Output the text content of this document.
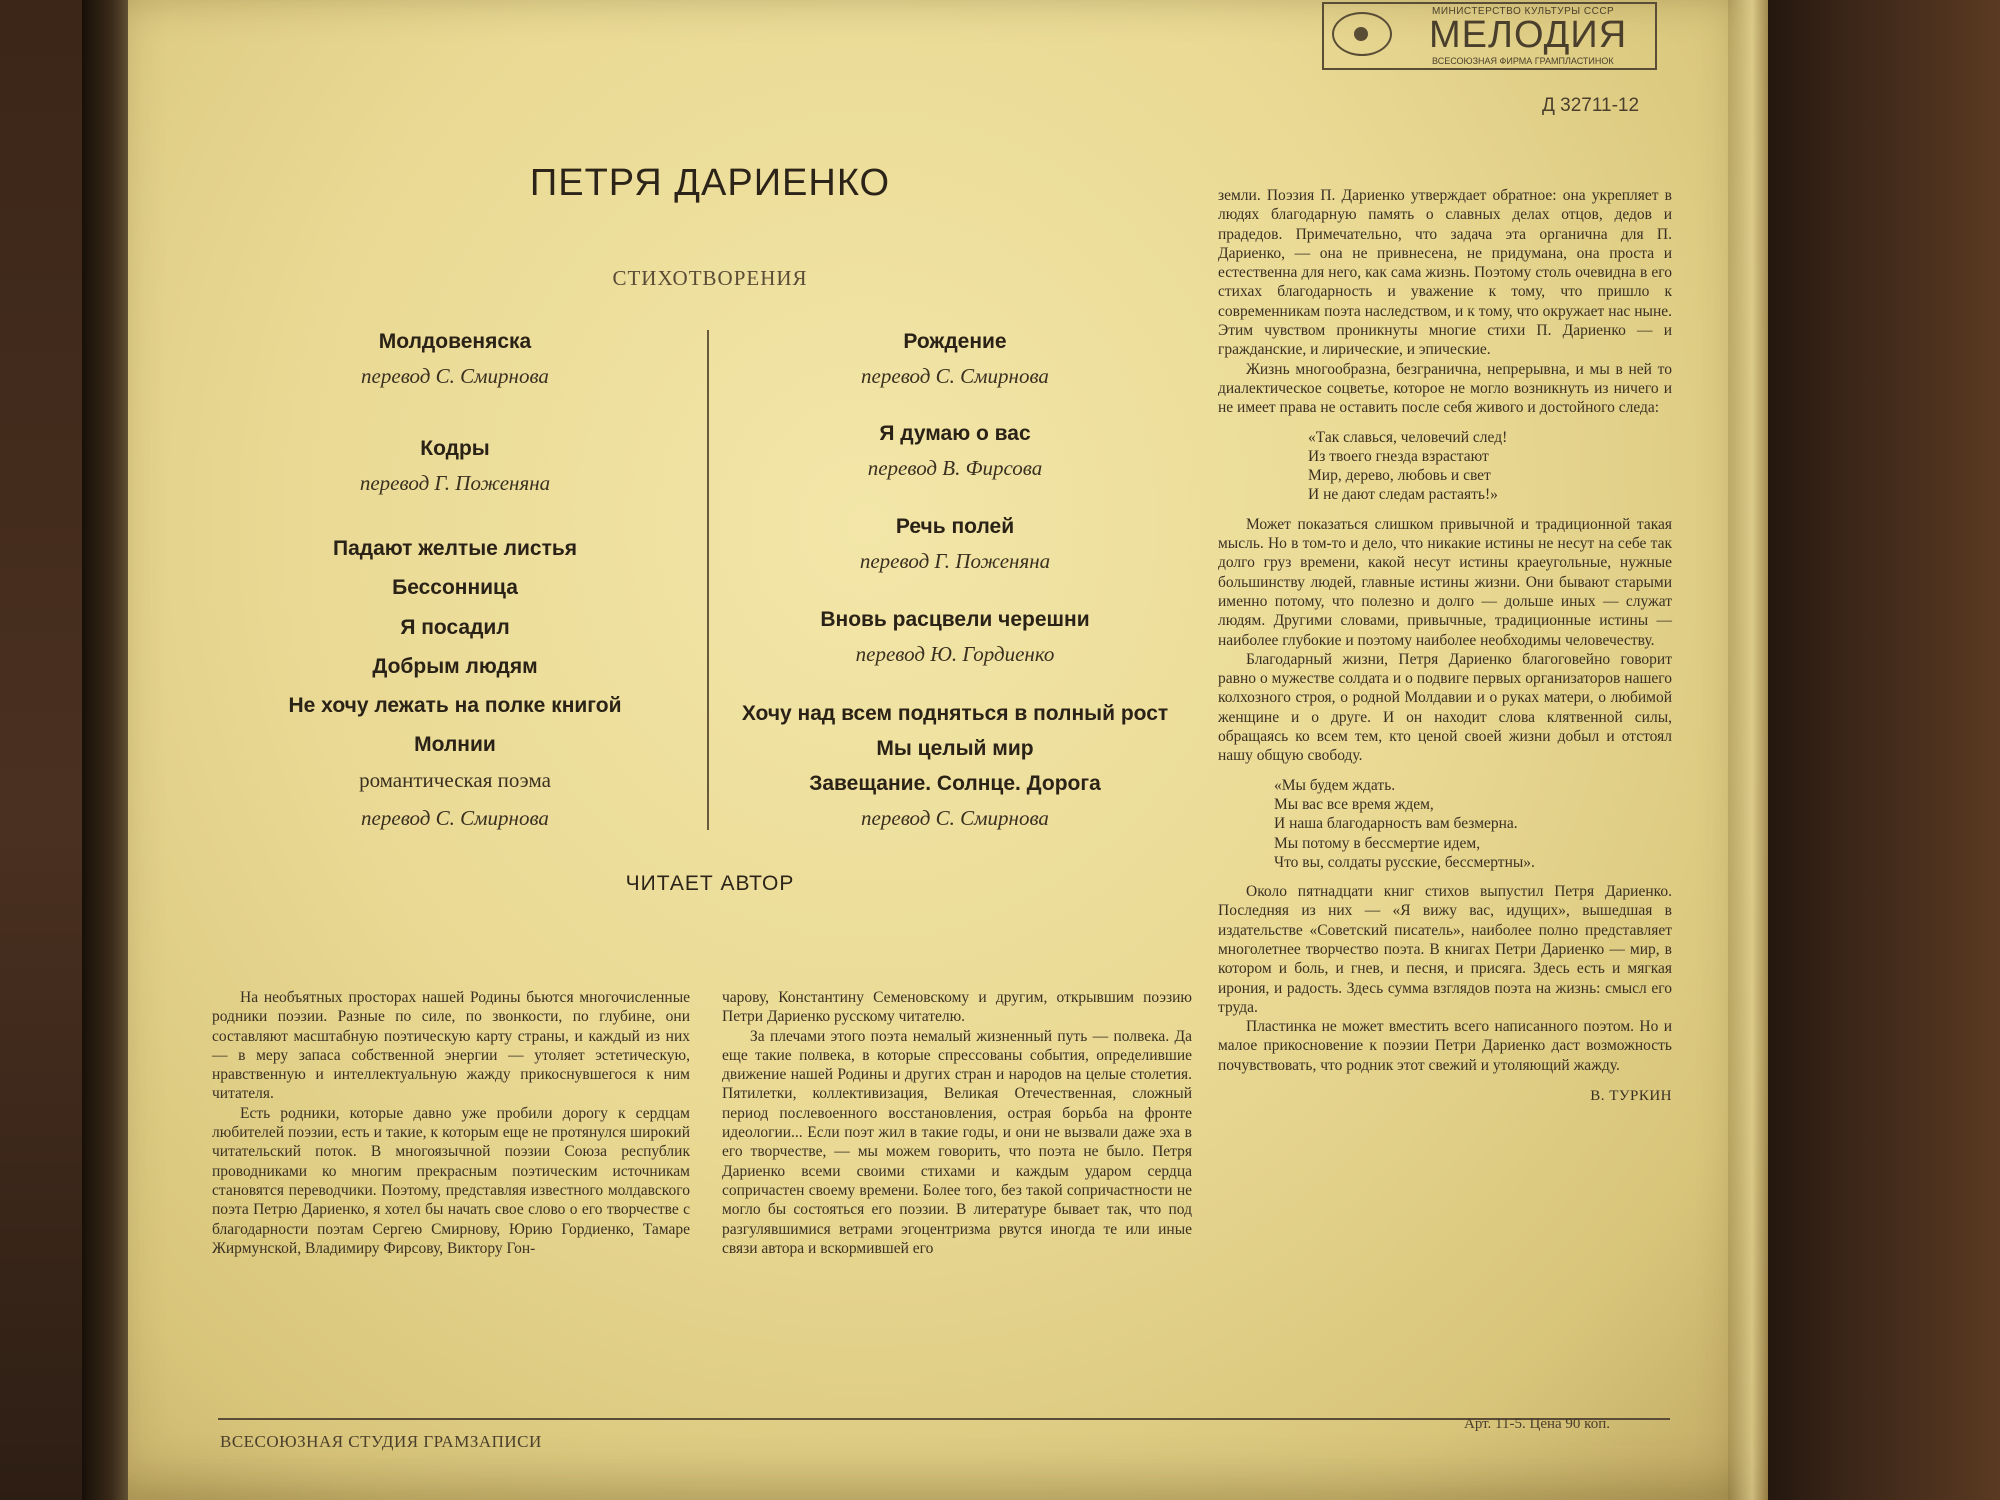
МИНИСТЕРСТВО КУЛЬТУРЫ СССР
МЕЛОДИЯ
ВСЕСОЮЗНАЯ ФИРМА ГРАМПЛАСТИНОК
Д 32711-12
ПЕТРЯ ДАРИЕНКО
СТИХОТВОРЕНИЯ
Молдовеняска
перевод С. Смирнова
Кодры
перевод Г. Поженяна
Падают желтые листья
Бессонница
Я посадил
Добрым людям
Не хочу лежать на полке книгой
Молнии
романтическая поэма
перевод С. Смирнова
Рождение
перевод С. Смирнова
Я думаю о вас
перевод В. Фирсова
Речь полей
перевод Г. Поженяна
Вновь расцвели черешни
перевод Ю. Гордиенко
Хочу над всем подняться в полный рост
Мы целый мир
Завещание. Солнце. Дорога
перевод С. Смирнова
ЧИТАЕТ АВТОР

На необъятных просторах нашей Родины бьются многочисленные родники поэзии. Разные по силе, по звонкости, по глубине, они составляют масштабную поэтическую карту страны, и каждый из них — в меру запаса собственной энергии — утоляет эстетическую, нравственную и интеллектуальную жажду прикоснувшегося к ним читателя.

Есть родники, которые давно уже пробили дорогу к сердцам любителей поэзии, есть и такие, к которым еще не протянулся широкий читательский поток. В многоязычной поэзии Союза республик проводниками ко многим прекрасным поэтическим источникам становятся переводчики. Поэтому, представляя известного молдавского поэта Петрю Дариенко, я хотел бы начать свое слово о его творчестве с благодарности поэтам Сергею Смирнову, Юрию Гордиенко, Тамаре Жирмунской, Владимиру Фирсову, Виктору Гон-

чарову, Константину Семеновскому и другим, открывшим поэзию Петри Дариенко русскому читателю.

За плечами этого поэта немалый жизненный путь — полвека. Да еще такие полвека, в которые спрессованы события, определившие движение нашей Родины и других стран и народов на целые столетия. Пятилетки, коллективизация, Великая Отечественная, сложный период послевоенного восстановления, острая борьба на фронте идеологии... Если поэт жил в такие годы, и они не вызвали даже эха в его творчестве, — мы можем говорить, что поэта не было. Петря Дариенко всеми своими стихами и каждым ударом сердца сопричастен своему времени. Более того, без такой сопричастности не могло бы состояться его поэзии. В литературе бывает так, что под разгулявшимися ветрами эгоцентризма рвутся иногда те или иные связи автора и вскормившей его

земли. Поэзия П. Дариенко утверждает обратное: она укрепляет в людях благодарную память о славных делах отцов, дедов и прадедов. Примечательно, что задача эта органична для П. Дариенко, — она не привнесена, не придумана, она проста и естественна для него, как сама жизнь. Поэтому столь очевидна в его стихах благодарность и уважение к тому, что пришло к современникам поэта наследством, и к тому, что окружает нас ныне. Этим чувством проникнуты многие стихи П. Дариенко — и гражданские, и лирические, и эпические.

Жизнь многообразна, безгранична, непрерывна, и мы в ней то диалектическое соцветье, которое не могло возникнуть из ничего и не имеет права не оставить после себя живого и достойного следа:

«Так славься, человечий след!
Из твоего гнезда взрастают
Мир, дерево, любовь и свет
И не дают следам растаять!»

Может показаться слишком привычной и традиционной такая мысль. Но в том-то и дело, что никакие истины не несут на себе так долго груз времени, какой несут истины краеугольные, нужные большинству людей, главные истины жизни. Они бывают старыми именно потому, что полезно и долго — дольше иных — служат людям. Другими словами, привычные, традиционные истины — наиболее глубокие и поэтому наиболее необходимы человечеству.

Благодарный жизни, Петря Дариенко благоговейно говорит равно о мужестве солдата и о подвиге первых организаторов нашего колхозного строя, о родной Молдавии и о руках матери, о любимой женщине и о друге. И он находит слова клятвенной силы, обращаясь ко всем тем, кто ценой своей жизни добыл и отстоял нашу общую свободу.

«Мы будем ждать.
Мы вас все время ждем,
И наша благодарность вам безмерна.
Мы потому в бессмертие идем,
Что вы, солдаты русские, бессмертны».

Около пятнадцати книг стихов выпустил Петря Дариенко. Последняя из них — «Я вижу вас, идущих», вышедшая в издательстве «Советский писатель», наиболее полно представляет многолетнее творчество поэта. В книгах Петри Дариенко — мир, в котором и боль, и гнев, и песня, и присяга. Здесь есть и мягкая ирония, и радость. Здесь сумма взглядов поэта на жизнь: смысл его труда.

Пластинка не может вместить всего написанного поэтом. Но и малое прикосновение к поэзии Петри Дариенко даст возможность почувствовать, что родник этот свежий и утоляющий жажду.

В. ТУРКИН
ВСЕСОЮЗНАЯ СТУДИЯ ГРАМЗАПИСИ
Арт. 11-5. Цена 90 коп.
